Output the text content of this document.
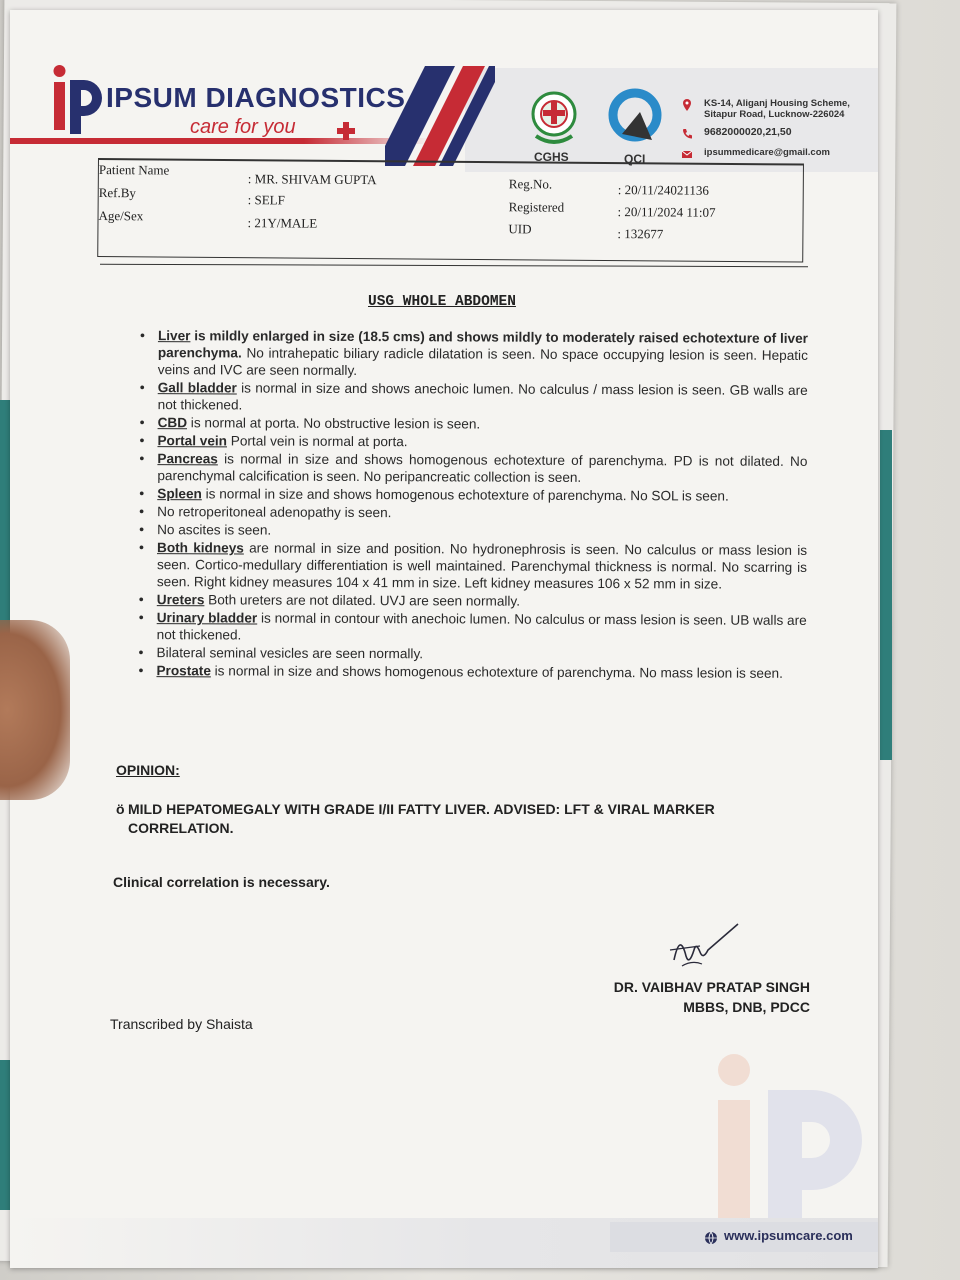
IPSUM DIAGNOSTICS
care for you
CGHS	QCI
KS-14, Aliganj Housing Scheme,
Sitapur Road, Lucknow-226024
9682000020,21,50
ipsummedicare@gmail.com
Patient Name
: MR. SHIVAM GUPTA
Ref.By	: SELF
Age/Sex	: 21Y/MALE
Reg.No.	: 20/11/24021136
Registered	: 20/11/2024 11:07
UID	: 132677
USG WHOLE ABDOMEN
• Liver is mildly enlarged in size (18.5 cms) and shows mildly to moderately raised echotexture of liver parenchyma. No intrahepatic biliary radicle dilatation is seen. No space occupying lesion is seen. Hepatic veins and IVC are seen normally.
• Gall bladder is normal in size and shows anechoic lumen. No calculus / mass lesion is seen. GB walls are not thickened.
• CBD is normal at porta. No obstructive lesion is seen.
• Portal vein Portal vein is normal at porta.
• Pancreas is normal in size and shows homogenous echotexture of parenchyma. PD is not dilated. No parenchymal calcification is seen. No peripancreatic collection is seen.
• Spleen is normal in size and shows homogenous echotexture of parenchyma. No SOL is seen.
• No retroperitoneal adenopathy is seen.
• No ascites is seen.
• Both kidneys are normal in size and position. No hydronephrosis is seen. No calculus or mass lesion is seen. Cortico-medullary differentiation is well maintained. Parenchymal thickness is normal. No scarring is seen. Right kidney measures 104 x 41 mm in size. Left kidney measures 106 x 52 mm in size.
• Ureters Both ureters are not dilated. UVJ are seen normally.
• Urinary bladder is normal in contour with anechoic lumen. No calculus or mass lesion is seen. UB walls are not thickened.
• Bilateral seminal vesicles are seen normally.
• Prostate is normal in size and shows homogenous echotexture of parenchyma. No mass lesion is seen.
OPINION:
ö MILD HEPATOMEGALY WITH GRADE I/II FATTY LIVER. ADVISED: LFT & VIRAL MARKER CORRELATION.
Clinical correlation is necessary.
DR. VAIBHAV PRATAP SINGH
MBBS, DNB, PDCC
Transcribed by Shaista
www.ipsumcare.com
